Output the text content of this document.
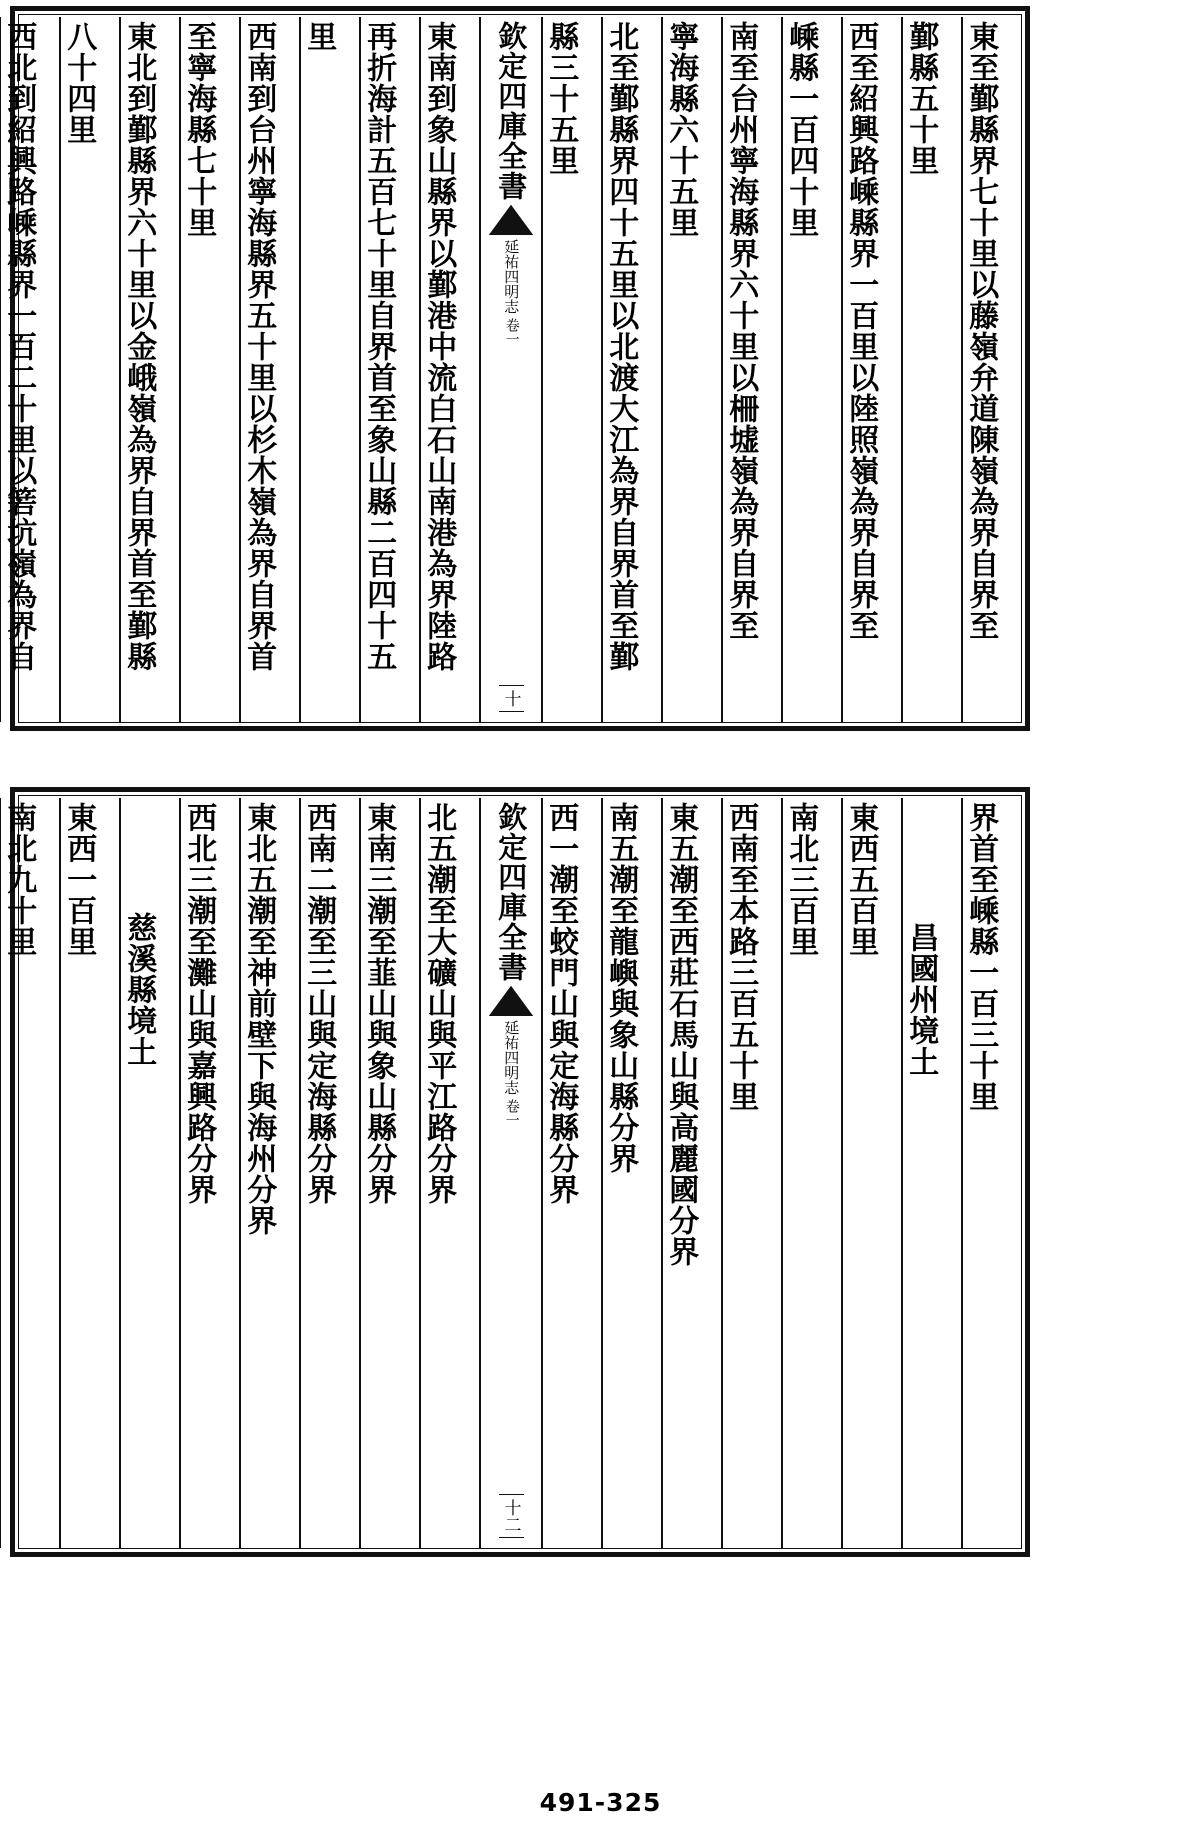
東至鄞縣界七十里以藤嶺弁道陳嶺為界自界至
鄞縣五十里
西至紹興路嵊縣界一百里以陸照嶺為界自界至
嵊縣一百四十里
南至台州寧海縣界六十里以柵墟嶺為界自界至
寧海縣六十五里
北至鄞縣界四十五里以北渡大江為界自界首至鄞
縣三十五里
欽定四庫全書
延祐四明志
卷一
十
東南到象山縣界以鄞港中流白石山南港為界陸路
再折海計五百七十里自界首至象山縣二百四十五
里
西南到台州寧海縣界五十里以杉木嶺為界自界首
至寧海縣七十里
東北到鄞縣界六十里以金峨嶺為界自界首至鄞縣
八十四里
西北到紹興路嵊縣界一百二十里以箬坑嶺為界自
界首至嵊縣一百三十里
昌國州境土
東西五百里
南北三百里
西南至本路三百五十里
東五潮至西莊石馬山與高麗國分界
南五潮至龍嶼與象山縣分界
西一潮至蛟門山與定海縣分界
欽定四庫全書
延祐四明志
卷一
十二
北五潮至大礦山與平江路分界
東南三潮至韮山與象山縣分界
西南二潮至三山與定海縣分界
東北五潮至神前壁下與海州分界
西北三潮至灘山與嘉興路分界
慈溪縣境土
東西一百里
南北九十里
491-325
